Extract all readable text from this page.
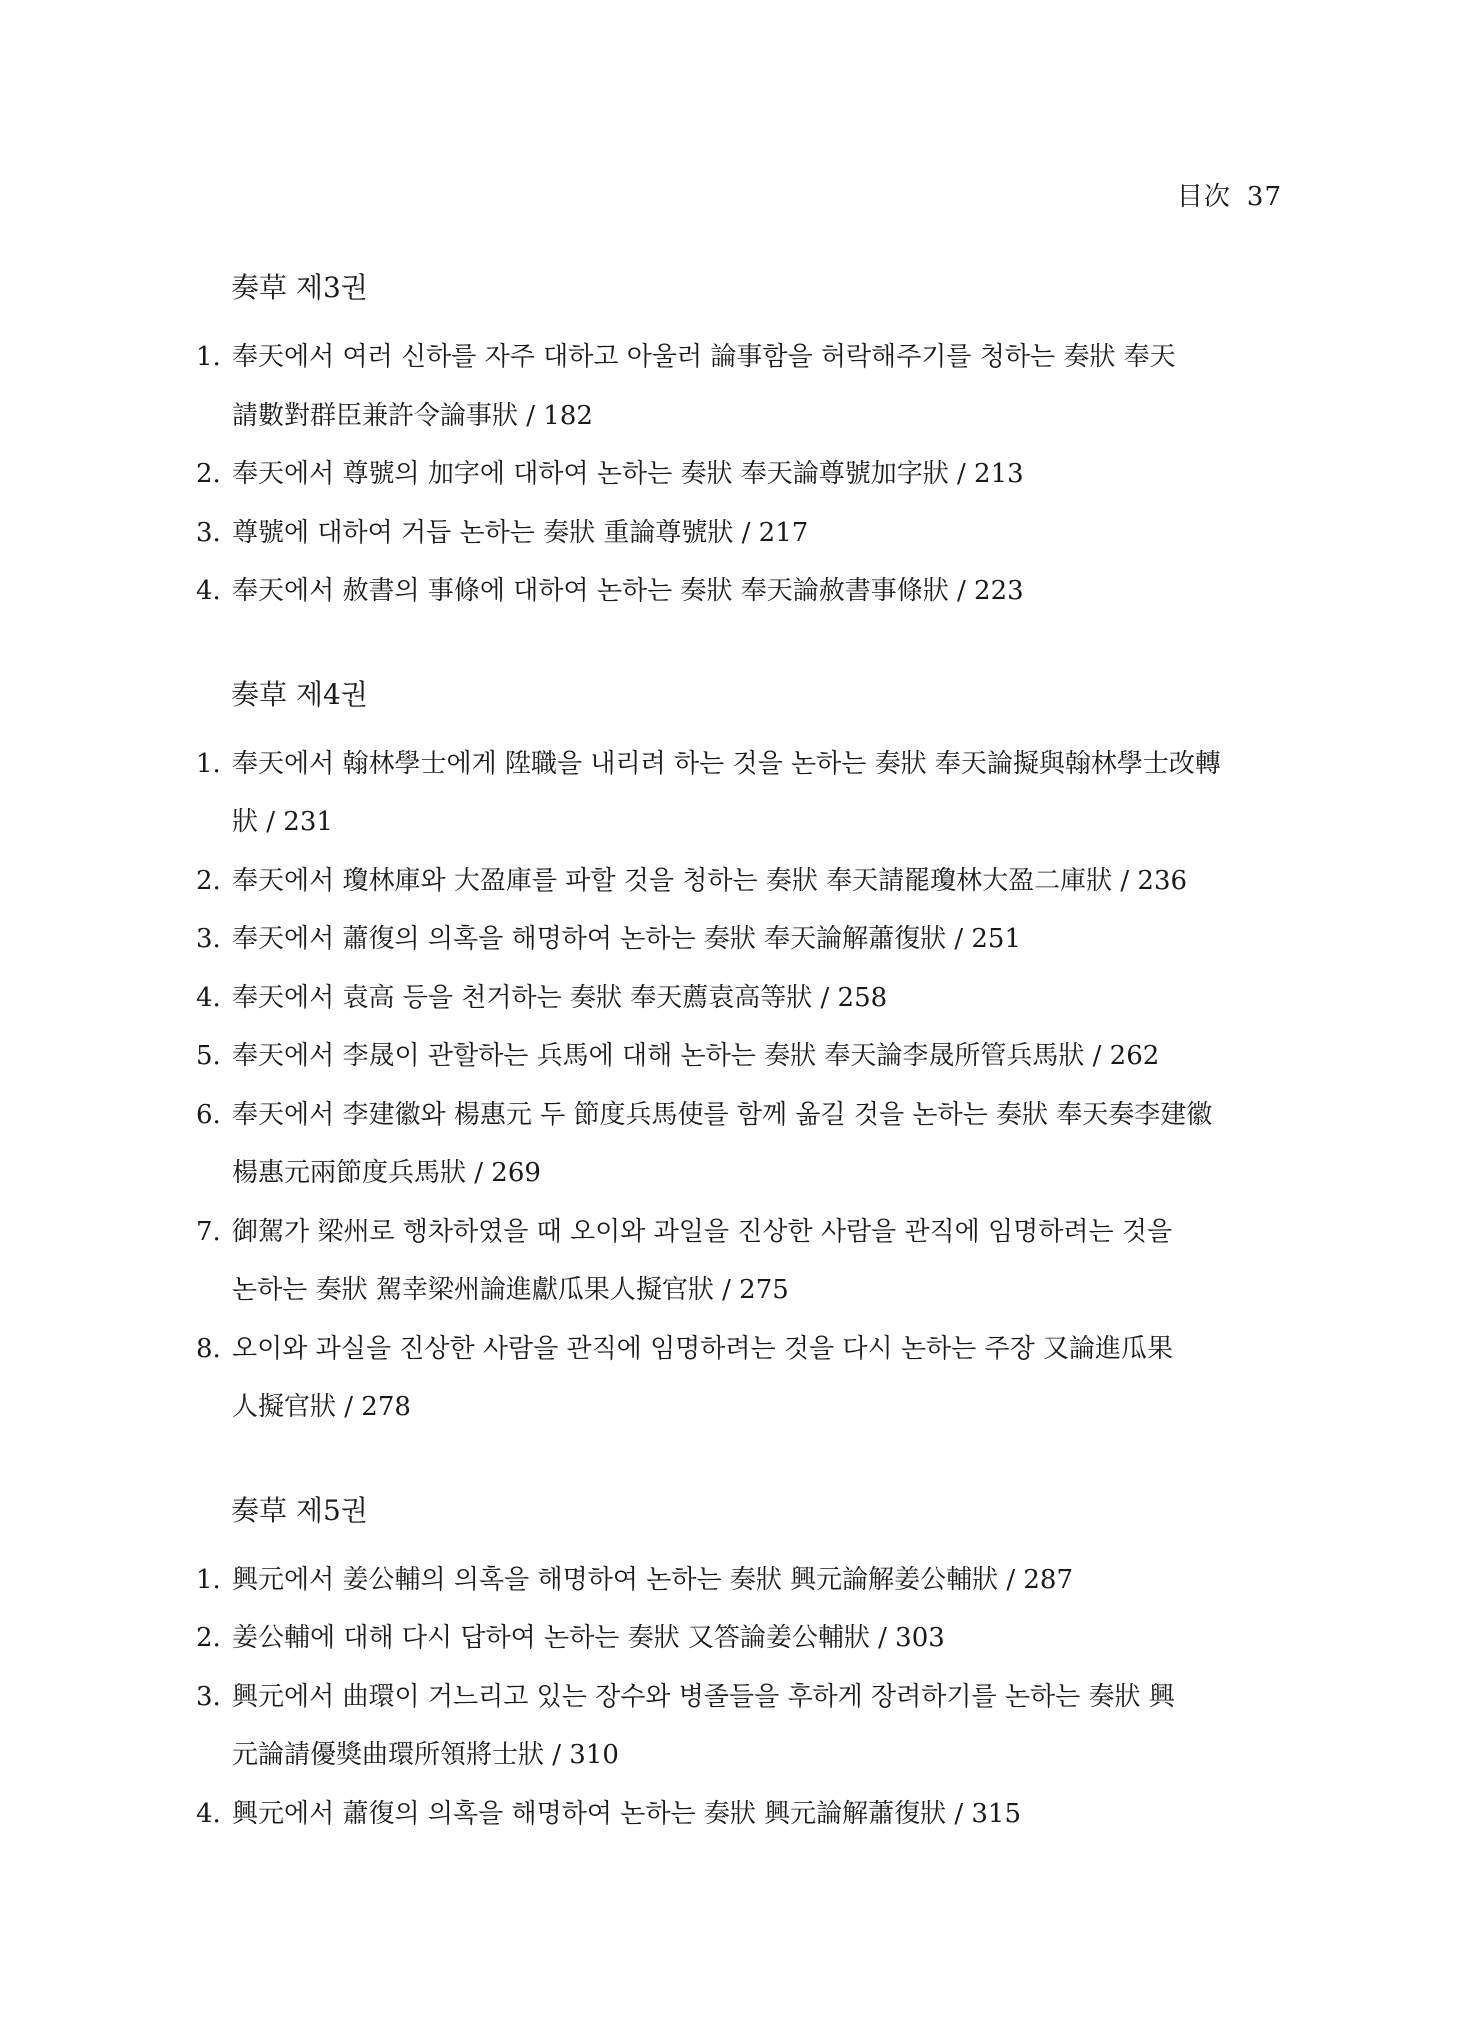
目次 37
奏草 제3권
1. 奉天에서 여러 신하를 자주 대하고 아울러 論事함을 허락해주기를 청하는 奏狀 奉天
請數對群臣兼許令論事狀 / 182
2. 奉天에서 尊號의 加字에 대하여 논하는 奏狀 奉天論尊號加字狀 / 213
3. 尊號에 대하여 거듭 논하는 奏狀 重論尊號狀 / 217
4. 奉天에서 赦書의 事條에 대하여 논하는 奏狀 奉天論赦書事條狀 / 223
奏草 제4권
1. 奉天에서 翰林學士에게 陞職을 내리려 하는 것을 논하는 奏狀 奉天論擬與翰林學士改轉
狀 / 231
2. 奉天에서 瓊林庫와 大盈庫를 파할 것을 청하는 奏狀 奉天請罷瓊林大盈二庫狀 / 236
3. 奉天에서 蕭復의 의혹을 해명하여 논하는 奏狀 奉天論解蕭復狀 / 251
4. 奉天에서 袁高 등을 천거하는 奏狀 奉天薦袁高等狀 / 258
5. 奉天에서 李晟이 관할하는 兵馬에 대해 논하는 奏狀 奉天論李晟所管兵馬狀 / 262
6. 奉天에서 李建徽와 楊惠元 두 節度兵馬使를 함께 옮길 것을 논하는 奏狀 奉天奏李建徽
楊惠元兩節度兵馬狀 / 269
7. 御駕가 梁州로 행차하였을 때 오이와 과일을 진상한 사람을 관직에 임명하려는 것을
논하는 奏狀 駕幸梁州論進獻瓜果人擬官狀 / 275
8. 오이와 과실을 진상한 사람을 관직에 임명하려는 것을 다시 논하는 주장 又論進瓜果
人擬官狀 / 278
奏草 제5권
1. 興元에서 姜公輔의 의혹을 해명하여 논하는 奏狀 興元論解姜公輔狀 / 287
2. 姜公輔에 대해 다시 답하여 논하는 奏狀 又答論姜公輔狀 / 303
3. 興元에서 曲環이 거느리고 있는 장수와 병졸들을 후하게 장려하기를 논하는 奏狀 興
元論請優獎曲環所領將士狀 / 310
4. 興元에서 蕭復의 의혹을 해명하여 논하는 奏狀 興元論解蕭復狀 / 315
